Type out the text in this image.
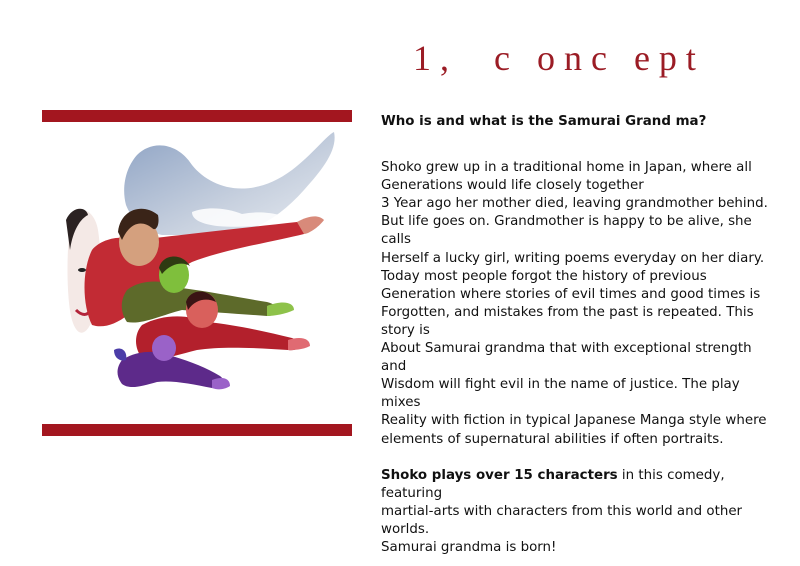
1,  c onc ept

Who is and what is the Samurai Grand ma?

Shoko grew up in a traditional home in Japan, where all

Generations would life closely together

3 Year ago her mother died, leaving grandmother behind.

But life goes on. Grandmother is happy to be alive, she

calls

Herself a lucky girl, writing poems everyday on her diary.

Today most people forgot the history of previous

Generation where stories of evil times and good times is

Forgotten, and mistakes from the past is repeated. This

story is

About Samurai grandma that with exceptional strength and

Wisdom will fight evil in the name of justice. The play

mixes

Reality with fiction in typical Japanese Manga style where

elements of supernatural abilities if often portraits.

Shoko plays over 15 characters in this comedy, featuring

martial-arts with characters from this world and other

worlds.

Samurai grandma is born!
